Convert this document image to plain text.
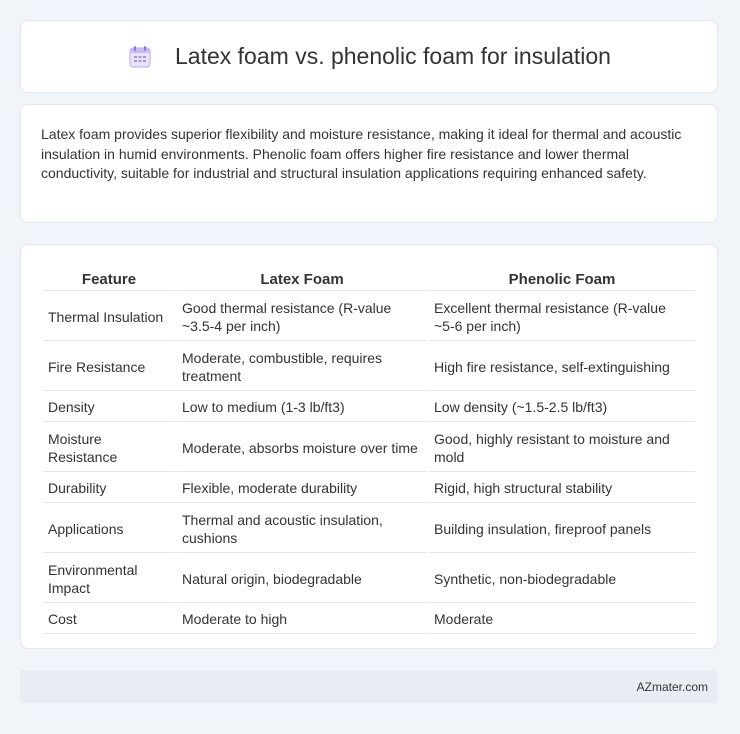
Latex foam vs. phenolic foam for insulation

Latex foam provides superior flexibility and moisture resistance, making it ideal for thermal and acoustic insulation in humid environments. Phenolic foam offers higher fire resistance and lower thermal conductivity, suitable for industrial and structural insulation applications requiring enhanced safety.

Feature	Latex Foam	Phenolic Foam
Thermal Insulation	Good thermal resistance (R-value ~3.5-4 per inch)	Excellent thermal resistance (R-value ~5-6 per inch)
Fire Resistance	Moderate, combustible, requires treatment	High fire resistance, self-extinguishing
Density	Low to medium (1-3 lb/ft3)	Low density (~1.5-2.5 lb/ft3)
Moisture Resistance	Moderate, absorbs moisture over time	Good, highly resistant to moisture and mold
Durability	Flexible, moderate durability	Rigid, high structural stability
Applications	Thermal and acoustic insulation, cushions	Building insulation, fireproof panels
Environmental Impact	Natural origin, biodegradable	Synthetic, non-biodegradable
Cost	Moderate to high	Moderate
AZmater.com
